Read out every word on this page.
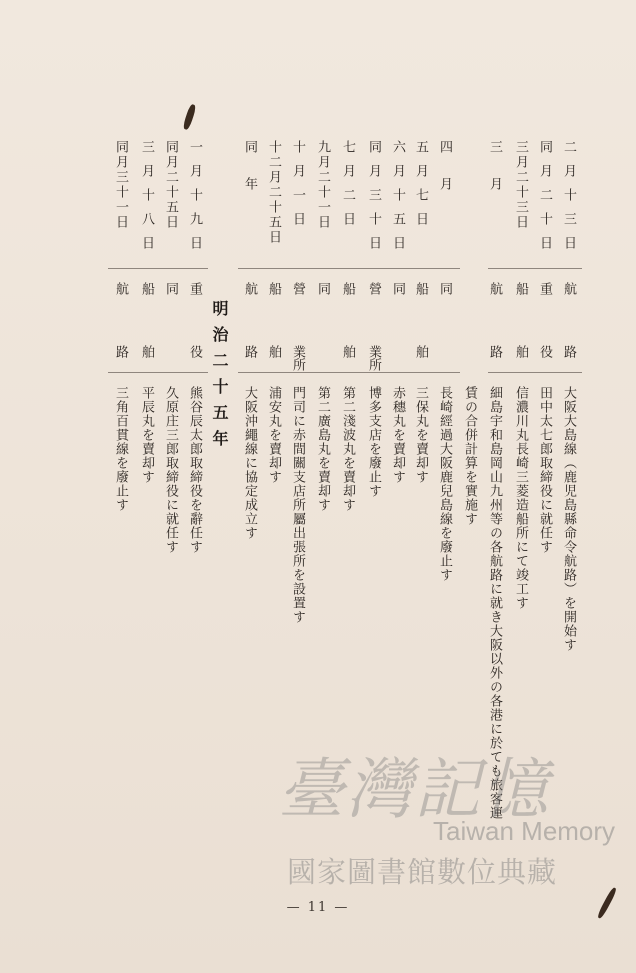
二月十三日
航
路
大阪大島線（鹿児島縣命令航路）を開始す
同月二十日
重
役
田中太七郎取締役に就任す
三月二十三日
船
舶
信濃川丸長崎三菱造船所にて竣工す
三月
航
路
細島宇和島岡山九州等の各航路に就き大阪以外の各港に於ても旅客運
賃の合併計算を實施す
四月
同
長崎經過大阪鹿兒島線を廢止す
五月七日
船
舶
三保丸を賣却す
六月十五日
同
赤穗丸を賣却す
同月三十日
營
業所
博多支店を廢止す
七月二日
船
舶
第二淺波丸を賣却す
九月二十一日
同
第二廣島丸を賣却す
十月一日
營
業所
門司に赤間關支店所屬出張所を設置す
十二月二十五日
船
舶
浦安丸を賣却す
同年
航
路
大阪沖繩線に協定成立す
一月十九日
重
役
熊谷辰太郎取締役を辭任す
同月二十五日
同
久原庄三郎取締役に就任す
三月十八日
船
舶
平辰丸を賣却す
同月三十一日
航
路
三角百貫線を廢止す	明治二十五年
— 11 —
臺灣記憶
Taiwan Memory
國家圖書館數位典藏
